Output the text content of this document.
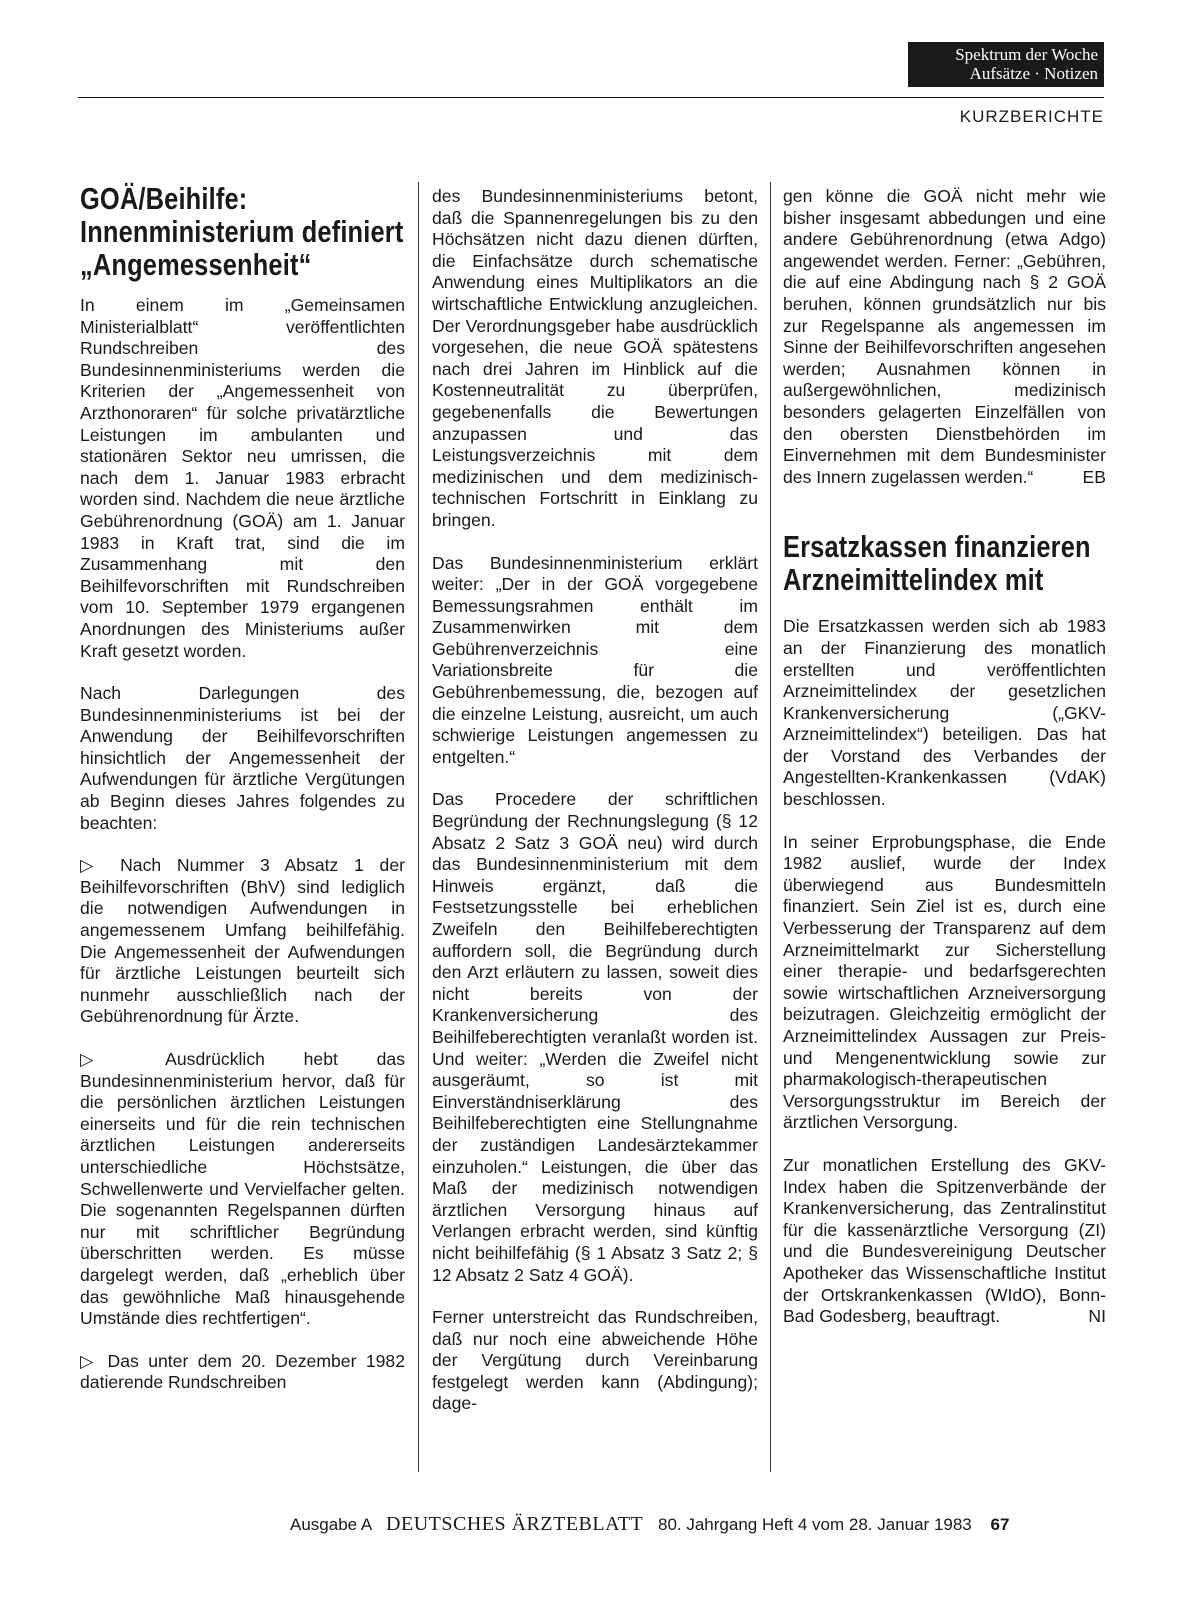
Spektrum der Woche
Aufsätze · Notizen
KURZBERICHTE
GOÄ/Beihilfe:
Innenministerium definiert
„Angemessenheit“

In einem im „Gemeinsamen Ministerialblatt“ veröffentlichten Rundschreiben des Bundesinnenministeriums werden die Kriterien der „Angemessenheit von Arzthonoraren“ für solche privatärztliche Leistungen im ambulanten und stationären Sektor neu umrissen, die nach dem 1. Januar 1983 erbracht worden sind. Nachdem die neue ärztliche Gebührenordnung (GOÄ) am 1. Januar 1983 in Kraft trat, sind die im Zusammenhang mit den Beihilfevorschriften mit Rundschreiben vom 10. September 1979 ergangenen Anordnungen des Ministeriums außer Kraft gesetzt worden.

Nach Darlegungen des Bundesinnenministeriums ist bei der Anwendung der Beihilfevorschriften hinsichtlich der Angemessenheit der Aufwendungen für ärztliche Vergütungen ab Beginn dieses Jahres folgendes zu beachten:

▷ Nach Nummer 3 Absatz 1 der Beihilfevorschriften (BhV) sind lediglich die notwendigen Aufwendungen in angemessenem Umfang beihilfefähig. Die Angemessenheit der Aufwendungen für ärztliche Leistungen beurteilt sich nunmehr ausschließlich nach der Gebührenordnung für Ärzte.

▷ Ausdrücklich hebt das Bundesinnenministerium hervor, daß für die persönlichen ärztlichen Leistungen einerseits und für die rein technischen ärztlichen Leistungen andererseits unterschiedliche Höchstsätze, Schwellenwerte und Vervielfacher gelten. Die sogenannten Regelspannen dürften nur mit schriftlicher Begründung überschritten werden. Es müsse dargelegt werden, daß „erheblich über das gewöhnliche Maß hinausgehende Umstände dies rechtfertigen“.

▷ Das unter dem 20. Dezember 1982 datierende Rundschreiben

des Bundesinnenministeriums betont, daß die Spannenregelungen bis zu den Höchsätzen nicht dazu dienen dürften, die Einfachsätze durch schematische Anwendung eines Multiplikators an die wirtschaftliche Entwicklung anzugleichen. Der Verordnungsgeber habe ausdrücklich vorgesehen, die neue GOÄ spätestens nach drei Jahren im Hinblick auf die Kostenneutralität zu überprüfen, gegebenenfalls die Bewertungen anzupassen und das Leistungsverzeichnis mit dem medizinischen und dem medizinisch-technischen Fortschritt in Einklang zu bringen.

Das Bundesinnenministerium erklärt weiter: „Der in der GOÄ vorgegebene Bemessungsrahmen enthält im Zusammenwirken mit dem Gebührenverzeichnis eine Variationsbreite für die Gebührenbemessung, die, bezogen auf die einzelne Leistung, ausreicht, um auch schwierige Leistungen angemessen zu entgelten.“

Das Procedere der schriftlichen Begründung der Rechnungslegung (§ 12 Absatz 2 Satz 3 GOÄ neu) wird durch das Bundesinnenministerium mit dem Hinweis ergänzt, daß die Festsetzungsstelle bei erheblichen Zweifeln den Beihilfeberechtigten auffordern soll, die Begründung durch den Arzt erläutern zu lassen, soweit dies nicht bereits von der Krankenversicherung des Beihilfeberechtigten veranlaßt worden ist. Und weiter: „Werden die Zweifel nicht ausgeräumt, so ist mit Einverständniserklärung des Beihilfeberechtigten eine Stellungnahme der zuständigen Landesärztekammer einzuholen.“ Leistungen, die über das Maß der medizinisch notwendigen ärztlichen Versorgung hinaus auf Verlangen erbracht werden, sind künftig nicht beihilfefähig (§ 1 Absatz 3 Satz 2; § 12 Absatz 2 Satz 4 GOÄ).

Ferner unterstreicht das Rundschreiben, daß nur noch eine abweichende Höhe der Vergütung durch Vereinbarung festgelegt werden kann (Abdingung); dage-

gen könne die GOÄ nicht mehr wie bisher insgesamt abbedungen und eine andere Gebührenordnung (etwa Adgo) angewendet werden. Ferner: „Gebühren, die auf eine Abdingung nach § 2 GOÄ beruhen, können grundsätzlich nur bis zur Regelspanne als angemessen im Sinne der Beihilfevorschriften angesehen werden; Ausnahmen können in außergewöhnlichen, medizinisch besonders gelagerten Einzelfällen von den obersten Dienstbehörden im Einvernehmen mit dem Bundesminister des Innern zugelassen werden.“	EB

Ersatzkassen finanzieren
Arzneimittelindex mit

Die Ersatzkassen werden sich ab 1983 an der Finanzierung des monatlich erstellten und veröffentlichten Arzneimittelindex der gesetzlichen Krankenversicherung („GKV-Arzneimittelindex“) beteiligen. Das hat der Vorstand des Verbandes der Angestellten-Krankenkassen (VdAK) beschlossen.

In seiner Erprobungsphase, die Ende 1982 auslief, wurde der Index überwiegend aus Bundesmitteln finanziert. Sein Ziel ist es, durch eine Verbesserung der Transparenz auf dem Arzneimittelmarkt zur Sicherstellung einer therapie- und bedarfsgerechten sowie wirtschaftlichen Arzneiversorgung beizutragen. Gleichzeitig ermöglicht der Arzneimittelindex Aussagen zur Preis- und Mengenentwicklung sowie zur pharmakologisch-therapeutischen Versorgungsstruktur im Bereich der ärztlichen Versorgung.

Zur monatlichen Erstellung des GKV-Index haben die Spitzenverbände der Krankenversicherung, das Zentralinstitut für die kassenärztliche Versorgung (ZI) und die Bundesvereinigung Deutscher Apotheker das Wissenschaftliche Institut der Ortskrankenkassen (WIdO), Bonn-Bad Godesberg, beauftragt.	NI

Ausgabe A DEUTSCHES ÄRZTEBLATT 80. Jahrgang Heft 4 vom 28. Januar 1983 67
